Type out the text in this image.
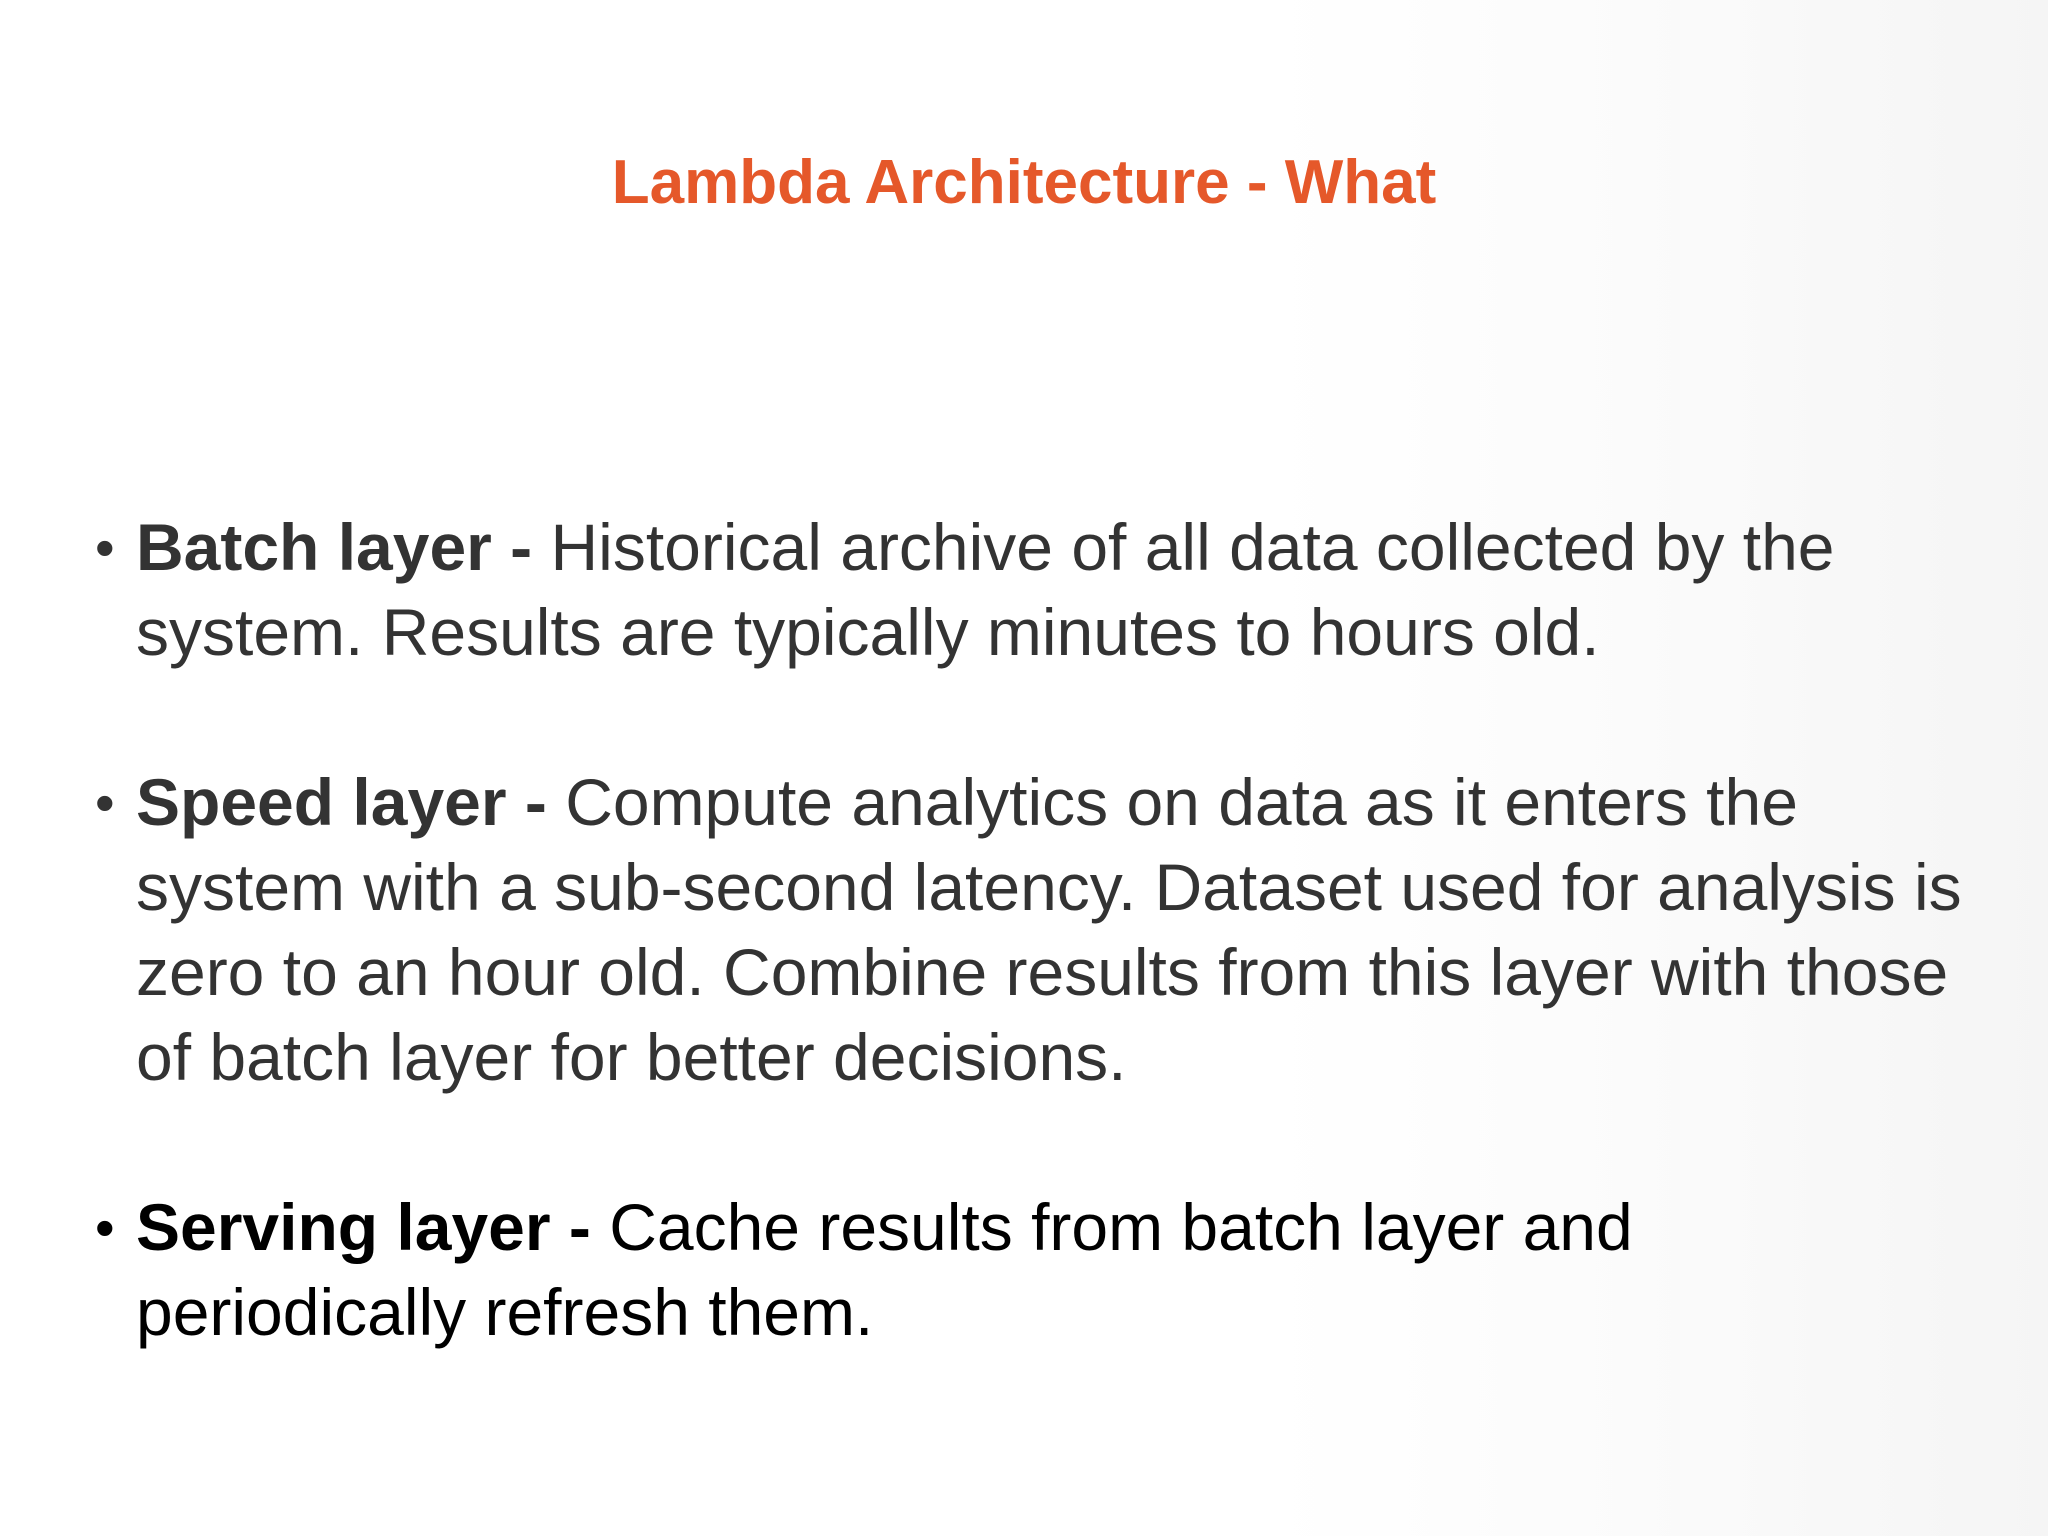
Lambda Architecture - What
• Batch layer - Historical archive of all data collected by the system. Results are typically minutes to hours old.
• Speed layer - Compute analytics on data as it enters the system with a sub-second latency. Dataset used for analysis is zero to an hour old. Combine results from this layer with those of batch layer for better decisions.
• Serving layer - Cache results from batch layer and periodically refresh them.
